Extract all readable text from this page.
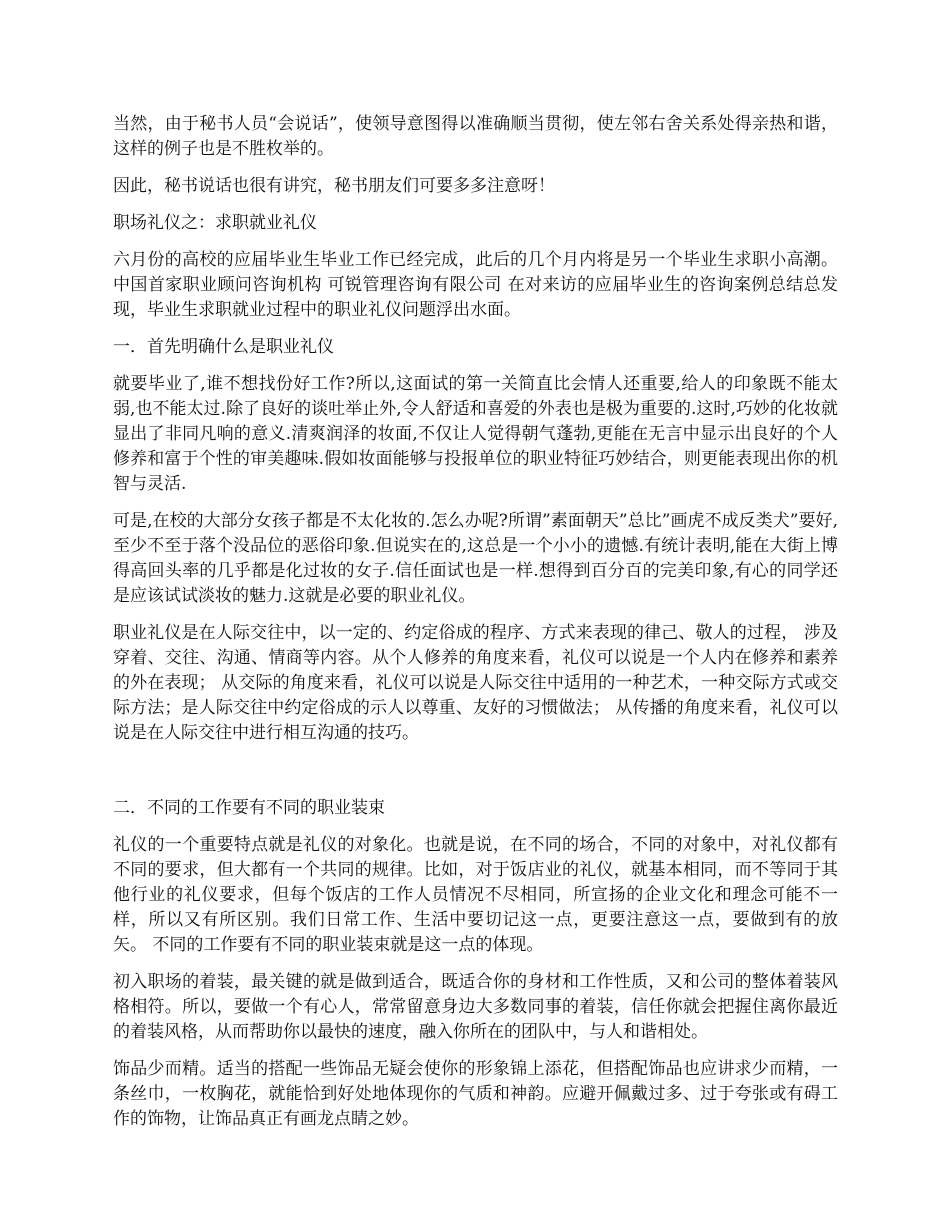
当然，由于秘书人员“会说话”，使领导意图得以准确顺当贯彻，使左邻右舍关系处得亲热和谐，这样的例子也是不胜枚举的。

因此，秘书说话也很有讲究，秘书朋友们可要多多注意呀！

职场礼仪之：求职就业礼仪

六月份的高校的应届毕业生毕业工作已经完成，此后的几个月内将是另一个毕业生求职小高潮。中国首家职业顾问咨询机构 可锐管理咨询有限公司 在对来访的应届毕业生的咨询案例总结总发现，毕业生求职就业过程中的职业礼仪问题浮出水面。

一．首先明确什么是职业礼仪

就要毕业了,谁不想找份好工作?所以,这面试的第一关简直比会情人还重要,给人的印象既不能太弱,也不能太过.除了良好的谈吐举止外,令人舒适和喜爱的外表也是极为重要的.这时,巧妙的化妆就显出了非同凡响的意义.清爽润泽的妆面,不仅让人觉得朝气蓬勃,更能在无言中显示出良好的个人修养和富于个性的审美趣味.假如妆面能够与投报单位的职业特征巧妙结合，则更能表现出你的机智与灵活.

可是,在校的大部分女孩子都是不太化妆的.怎么办呢?所谓”素面朝天”总比”画虎不成反类犬”要好,至少不至于落个没品位的恶俗印象.但说实在的,这总是一个小小的遗憾.有统计表明,能在大街上博得高回头率的几乎都是化过妆的女子.信任面试也是一样.想得到百分百的完美印象,有心的同学还是应该试试淡妆的魅力.这就是必要的职业礼仪。

职业礼仪是在人际交往中，以一定的、约定俗成的程序、方式来表现的律己、敬人的过程， 涉及穿着、交往、沟通、情商等内容。从个人修养的角度来看，礼仪可以说是一个人内在修养和素养的外在表现； 从交际的角度来看，礼仪可以说是人际交往中适用的一种艺术，一种交际方式或交际方法；是人际交往中约定俗成的示人以尊重、友好的习惯做法； 从传播的角度来看，礼仪可以说是在人际交往中进行相互沟通的技巧。

二．不同的工作要有不同的职业装束

礼仪的一个重要特点就是礼仪的对象化。也就是说，在不同的场合，不同的对象中，对礼仪都有不同的要求，但大都有一个共同的规律。比如，对于饭店业的礼仪，就基本相同，而不等同于其他行业的礼仪要求，但每个饭店的工作人员情况不尽相同，所宣扬的企业文化和理念可能不一样，所以又有所区别。我们日常工作、生活中要切记这一点，更要注意这一点，要做到有的放矢。 不同的工作要有不同的职业装束就是这一点的体现。

初入职场的着装，最关键的就是做到适合，既适合你的身材和工作性质，又和公司的整体着装风格相符。所以，要做一个有心人，常常留意身边大多数同事的着装，信任你就会把握住离你最近的着装风格，从而帮助你以最快的速度，融入你所在的团队中，与人和谐相处。

饰品少而精。适当的搭配一些饰品无疑会使你的形象锦上添花，但搭配饰品也应讲求少而精，一条丝巾，一枚胸花，就能恰到好处地体现你的气质和神韵。应避开佩戴过多、过于夸张或有碍工作的饰物，让饰品真正有画龙点睛之妙。
